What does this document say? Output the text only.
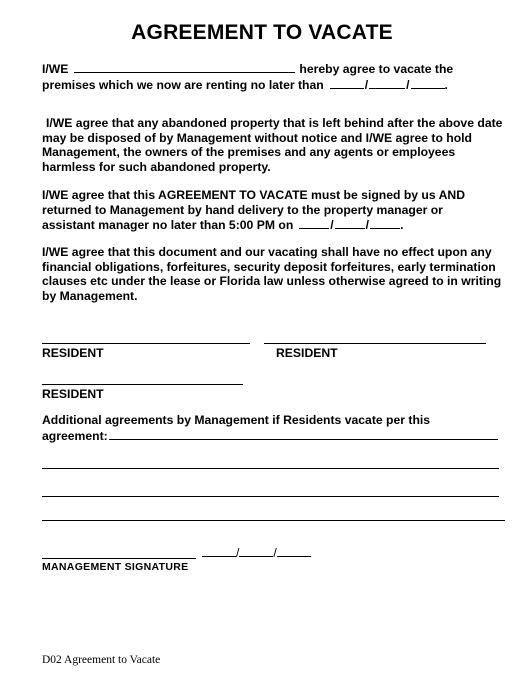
AGREEMENT TO VACATE
I/WE	hereby agree to vacate the
premises which we now are renting no later than	/	/	.
I/WE agree that any abandoned property that is left behind after the above date
may be disposed of by Management without notice and I/WE agree to hold
Management, the owners of the premises and any agents or employees
harmless for such abandoned property.
I/WE agree that this AGREEMENT TO VACATE must be signed by us AND
returned to Management by hand delivery to the property manager or
assistant manager no later than 5:00 PM on	/	/	.
I/WE agree that this document and our vacating shall have no effect upon any
financial obligations, forfeitures, security deposit forfeitures, early termination
clauses etc under the lease or Florida law unless otherwise agreed to in writing
by Management.
RESIDENT	RESIDENT
RESIDENT
Additional agreements by Management if Residents vacate per this
agreement:
/	/
MANAGEMENT SIGNATURE
D02 Agreement to Vacate
